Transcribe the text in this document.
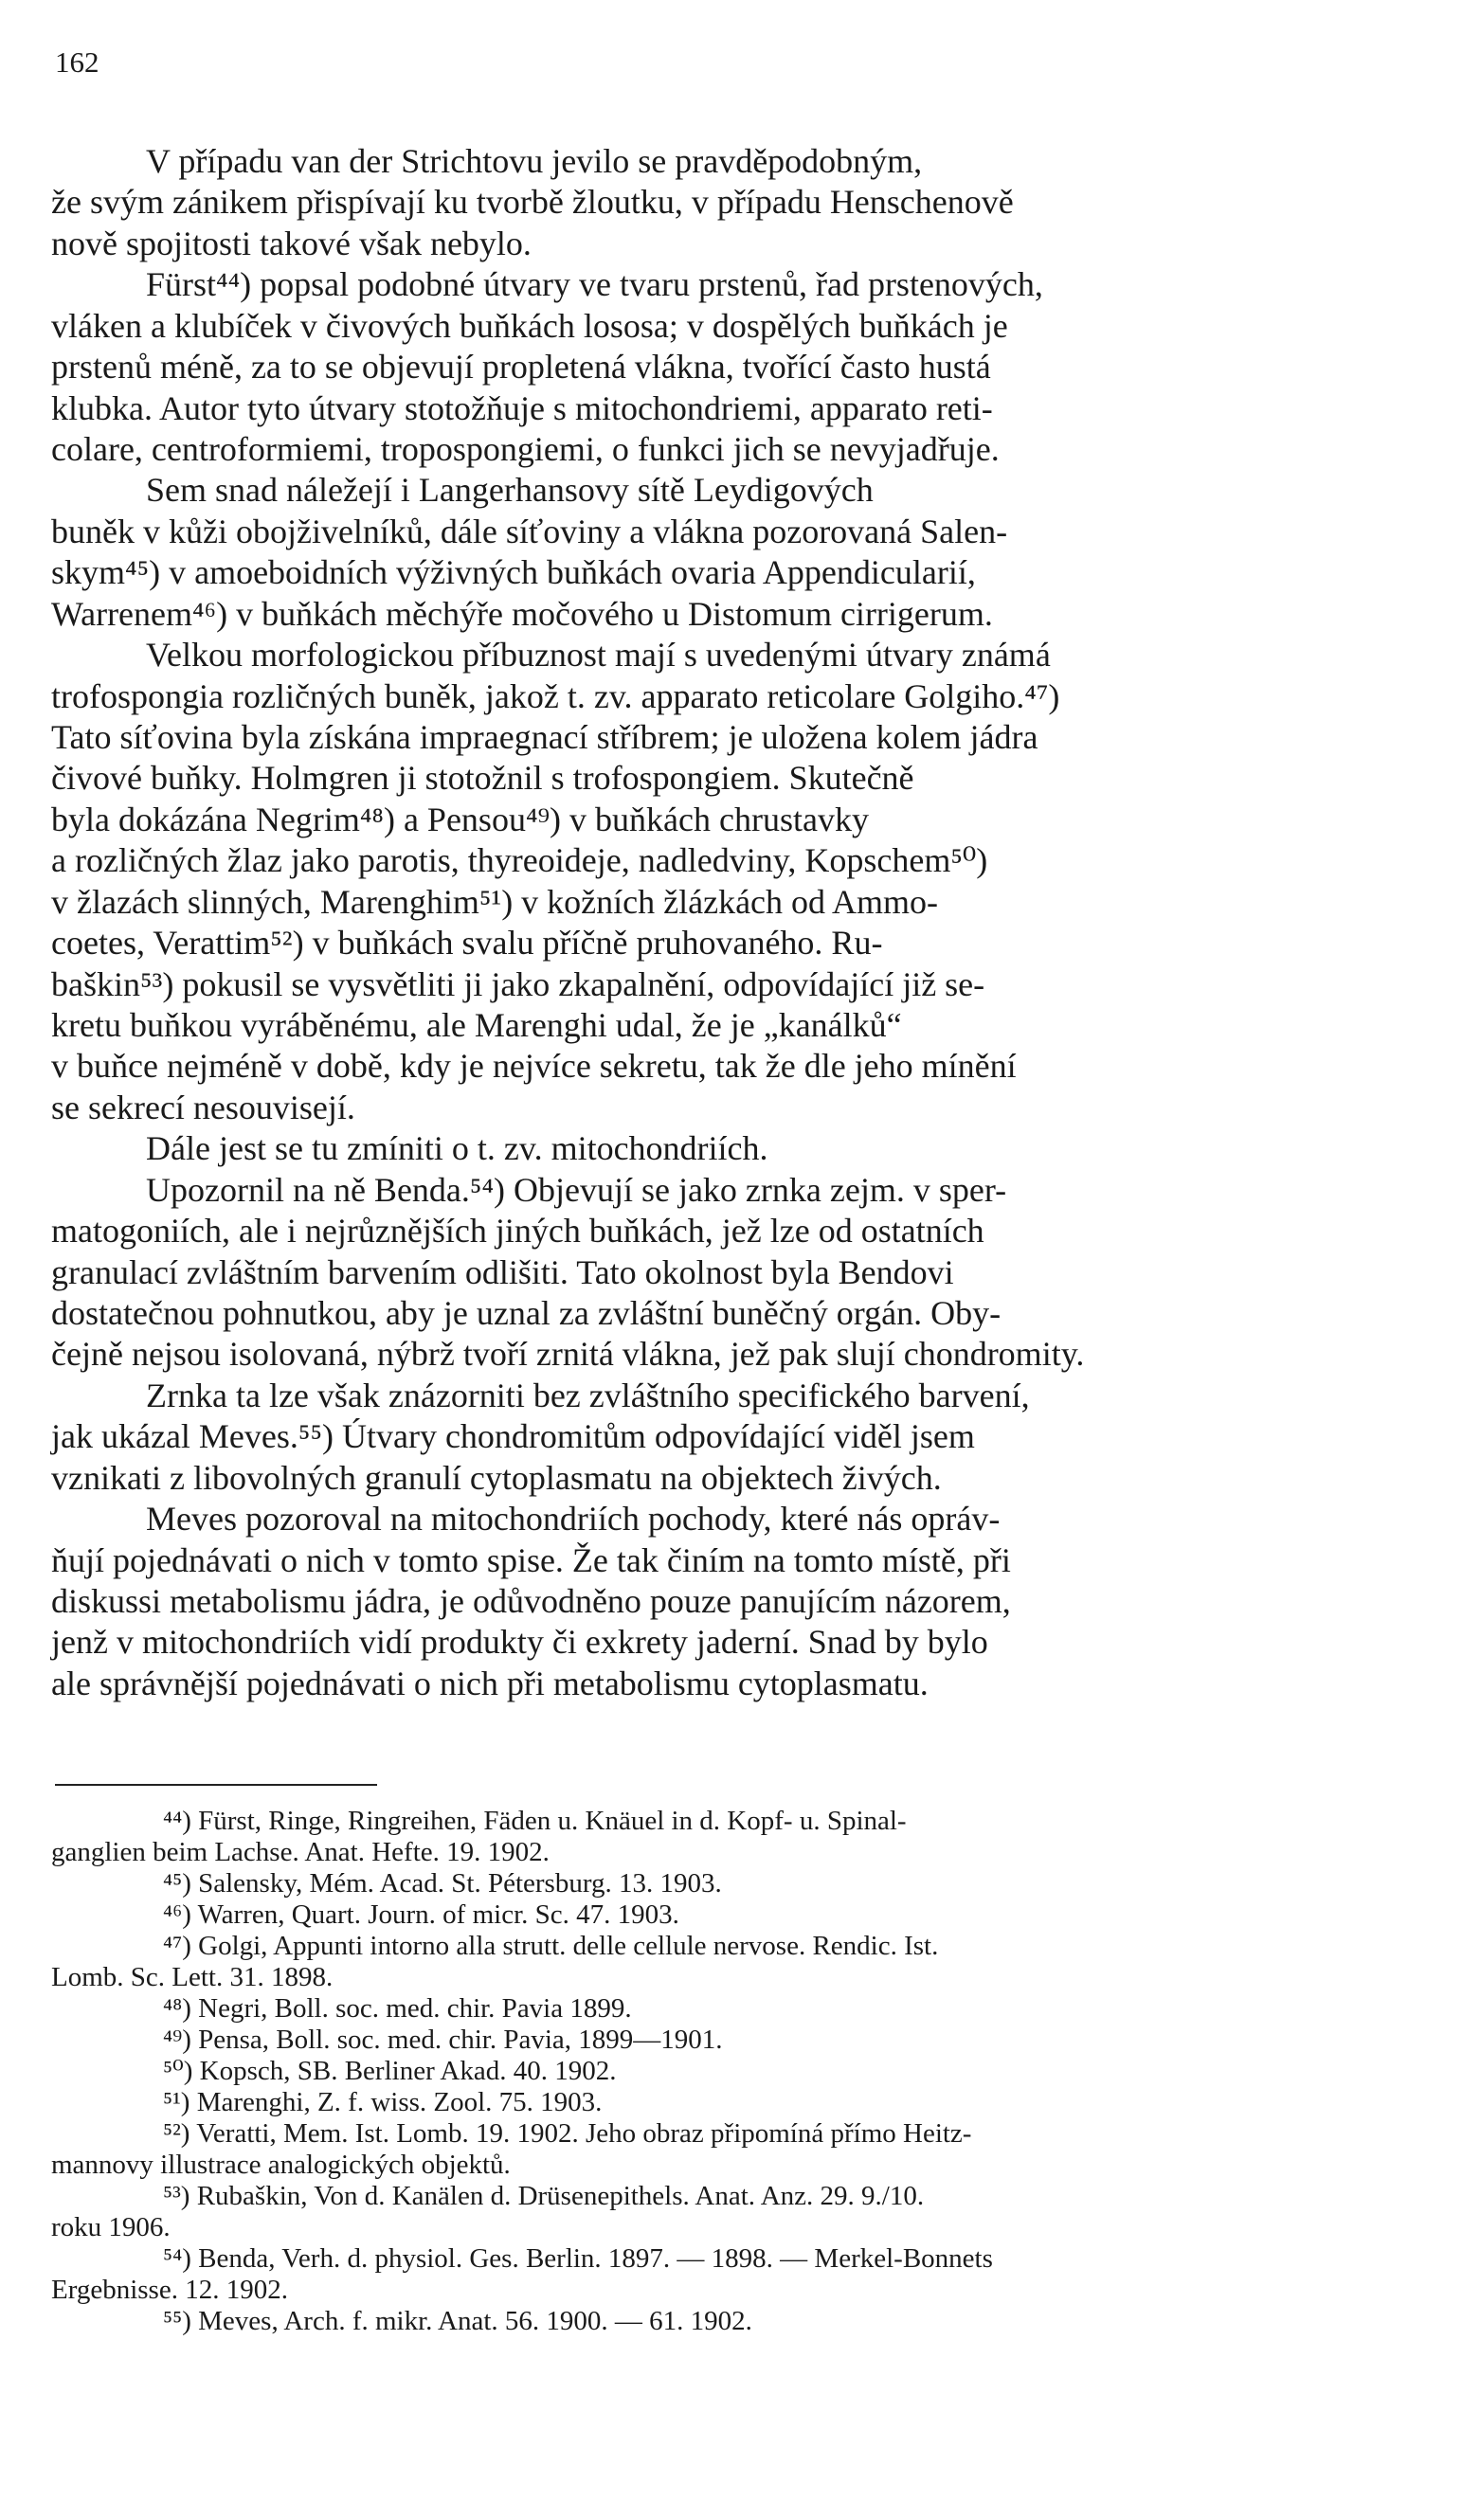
162
V případu van der Strichtovu jevilo se pravděpodobným,
že svým zánikem přispívají ku tvorbě žloutku, v případu Henschenově
nově spojitosti takové však nebylo.
Fürst⁴⁴) popsal podobné útvary ve tvaru prstenů, řad prstenových,
vláken a klubíček v čivových buňkách lososa; v dospělých buňkách je
prstenů méně, za to se objevují propletená vlákna, tvořící často hustá
klubka. Autor tyto útvary stotožňuje s mitochondriemi, apparato reti-
colare, centroformiemi, tropospongiemi, o funkci jich se nevyjadřuje.
Sem snad náležejí i Langerhansovy sítě Leydigových
buněk v kůži obojživelníků, dále síťoviny a vlákna pozorovaná Salen-
skym⁴⁵) v amoeboidních výživných buňkách ovaria Appendicularií,
Warrenem⁴⁶) v buňkách měchýře močového u Distomum cirrigerum.
Velkou morfologickou příbuznost mají s uvedenými útvary známá
trofospongia rozličných buněk, jakož t. zv. apparato reticolare Golgiho.⁴⁷)
Tato síťovina byla získána impraegnací stříbrem; je uložena kolem jádra
čivové buňky. Holmgren ji stotožnil s trofospongiem. Skutečně
byla dokázána Negrim⁴⁸) a Pensou⁴⁹) v buňkách chrustavky
a rozličných žlaz jako parotis, thyreoideje, nadledviny, Kopschem⁵⁰)
v žlazách slinných, Marenghim⁵¹) v kožních žlázkách od Ammo-
coetes, Verattim⁵²) v buňkách svalu příčně pruhovaného. Ru-
baškin⁵³) pokusil se vysvětliti ji jako zkapalnění, odpovídající již se-
kretu buňkou vyráběnému, ale Marenghi udal, že je „kanálků“
v buňce nejméně v době, kdy je nejvíce sekretu, tak že dle jeho mínění
se sekrecí nesouvisejí.
Dále jest se tu zmíniti o t. zv. mitochondriích.
Upozornil na ně Benda.⁵⁴) Objevují se jako zrnka zejm. v sper-
matogoniích, ale i nejrůznějších jiných buňkách, jež lze od ostatních
granulací zvláštním barvením odlišiti. Tato okolnost byla Bendovi
dostatečnou pohnutkou, aby je uznal za zvláštní buněčný orgán. Oby-
čejně nejsou isolovaná, nýbrž tvoří zrnitá vlákna, jež pak slují chondromity.
Zrnka ta lze však znázorniti bez zvláštního specifického barvení,
jak ukázal Meves.⁵⁵) Útvary chondromitům odpovídající viděl jsem
vznikati z libovolných granulí cytoplasmatu na objektech živých.
Meves pozoroval na mitochondriích pochody, které nás opráv-
ňují pojednávati o nich v tomto spise. Že tak činím na tomto místě, při
diskussi metabolismu jádra, je odůvodněno pouze panujícím názorem,
jenž v mitochondriích vidí produkty či exkrety jaderní. Snad by bylo
ale správnější pojednávati o nich při metabolismu cytoplasmatu.
⁴⁴) Fürst, Ringe, Ringreihen, Fäden u. Knäuel in d. Kopf- u. Spinal-
ganglien beim Lachse. Anat. Hefte. 19. 1902.
⁴⁵) Salensky, Mém. Acad. St. Pétersburg. 13. 1903.
⁴⁶) Warren, Quart. Journ. of micr. Sc. 47. 1903.
⁴⁷) Golgi, Appunti intorno alla strutt. delle cellule nervose. Rendic. Ist.
Lomb. Sc. Lett. 31. 1898.
⁴⁸) Negri, Boll. soc. med. chir. Pavia 1899.
⁴⁹) Pensa, Boll. soc. med. chir. Pavia, 1899—1901.
⁵⁰) Kopsch, SB. Berliner Akad. 40. 1902.
⁵¹) Marenghi, Z. f. wiss. Zool. 75. 1903.
⁵²) Veratti, Mem. Ist. Lomb. 19. 1902. Jeho obraz připomíná přímo Heitz-
mannovy illustrace analogických objektů.
⁵³) Rubaškin, Von d. Kanälen d. Drüsenepithels. Anat. Anz. 29. 9./10.
roku 1906.
⁵⁴) Benda, Verh. d. physiol. Ges. Berlin. 1897. — 1898. — Merkel-Bonnets
Ergebnisse. 12. 1902.
⁵⁵) Meves, Arch. f. mikr. Anat. 56. 1900. — 61. 1902.
